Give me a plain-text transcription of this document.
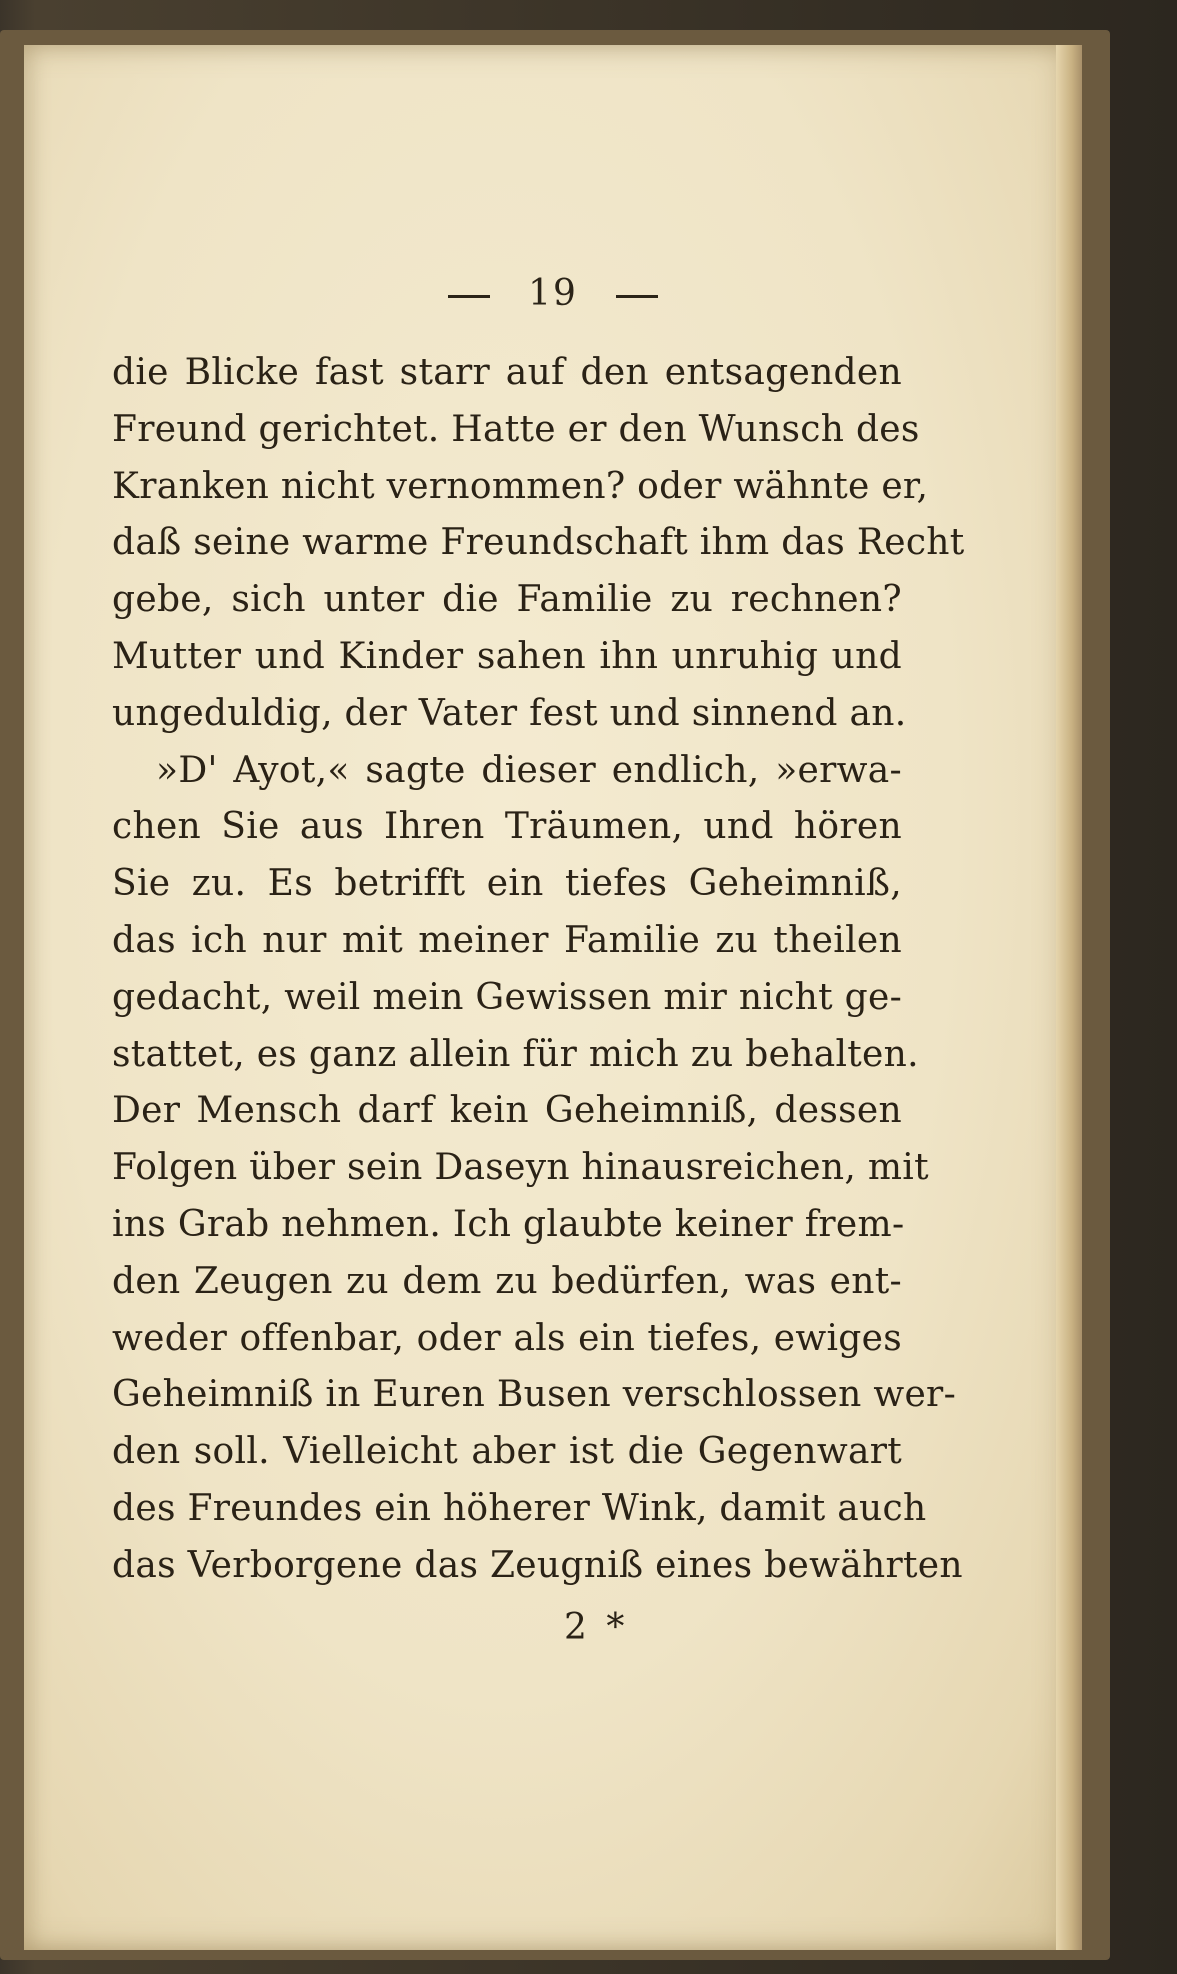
19
die Blicke fast starr auf den entsagenden
Freund gerichtet. Hatte er den Wunsch des
Kranken nicht vernommen? oder wähnte er,
daß seine warme Freundschaft ihm das Recht
gebe, sich unter die Familie zu rechnen?
Mutter und Kinder sahen ihn unruhig und
ungeduldig, der Vater fest und sinnend an.
»D' Ayot,« sagte dieser endlich, »erwa-
chen Sie aus Ihren Träumen, und hören
Sie zu. Es betrifft ein tiefes Geheimniß,
das ich nur mit meiner Familie zu theilen
gedacht, weil mein Gewissen mir nicht ge-
stattet, es ganz allein für mich zu behalten.
Der Mensch darf kein Geheimniß, dessen
Folgen über sein Daseyn hinausreichen, mit
ins Grab nehmen. Ich glaubte keiner frem-
den Zeugen zu dem zu bedürfen, was ent-
weder offenbar, oder als ein tiefes, ewiges
Geheimniß in Euren Busen verschlossen wer-
den soll. Vielleicht aber ist die Gegenwart
des Freundes ein höherer Wink, damit auch
das Verborgene das Zeugniß eines bewährten
2 *
